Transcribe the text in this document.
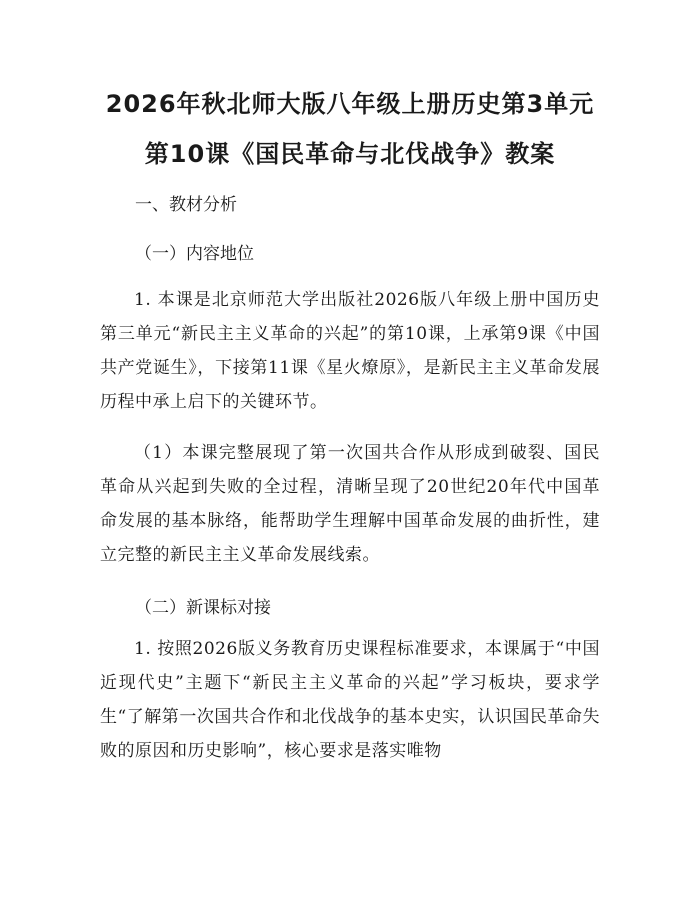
2026年秋北师大版八年级上册历史第3单元
第10课《国民革命与北伐战争》教案
一、教材分析
（一）内容地位
1. 本课是北京师范大学出版社2026版八年级上册中国历史第三单元“新民主主义革命的兴起”的第10课，上承第9课《中国共产党诞生》，下接第11课《星火燎原》，是新民主主义革命发展历程中承上启下的关键环节。
（1）本课完整展现了第一次国共合作从形成到破裂、国民革命从兴起到失败的全过程，清晰呈现了20世纪20年代中国革命发展的基本脉络，能帮助学生理解中国革命发展的曲折性，建立完整的新民主主义革命发展线索。
（二）新课标对接
1. 按照2026版义务教育历史课程标准要求，本课属于“中国近现代史”主题下“新民主主义革命的兴起”学习板块，要求学生“了解第一次国共合作和北伐战争的基本史实，认识国民革命失败的原因和历史影响”，核心要求是落实唯物
